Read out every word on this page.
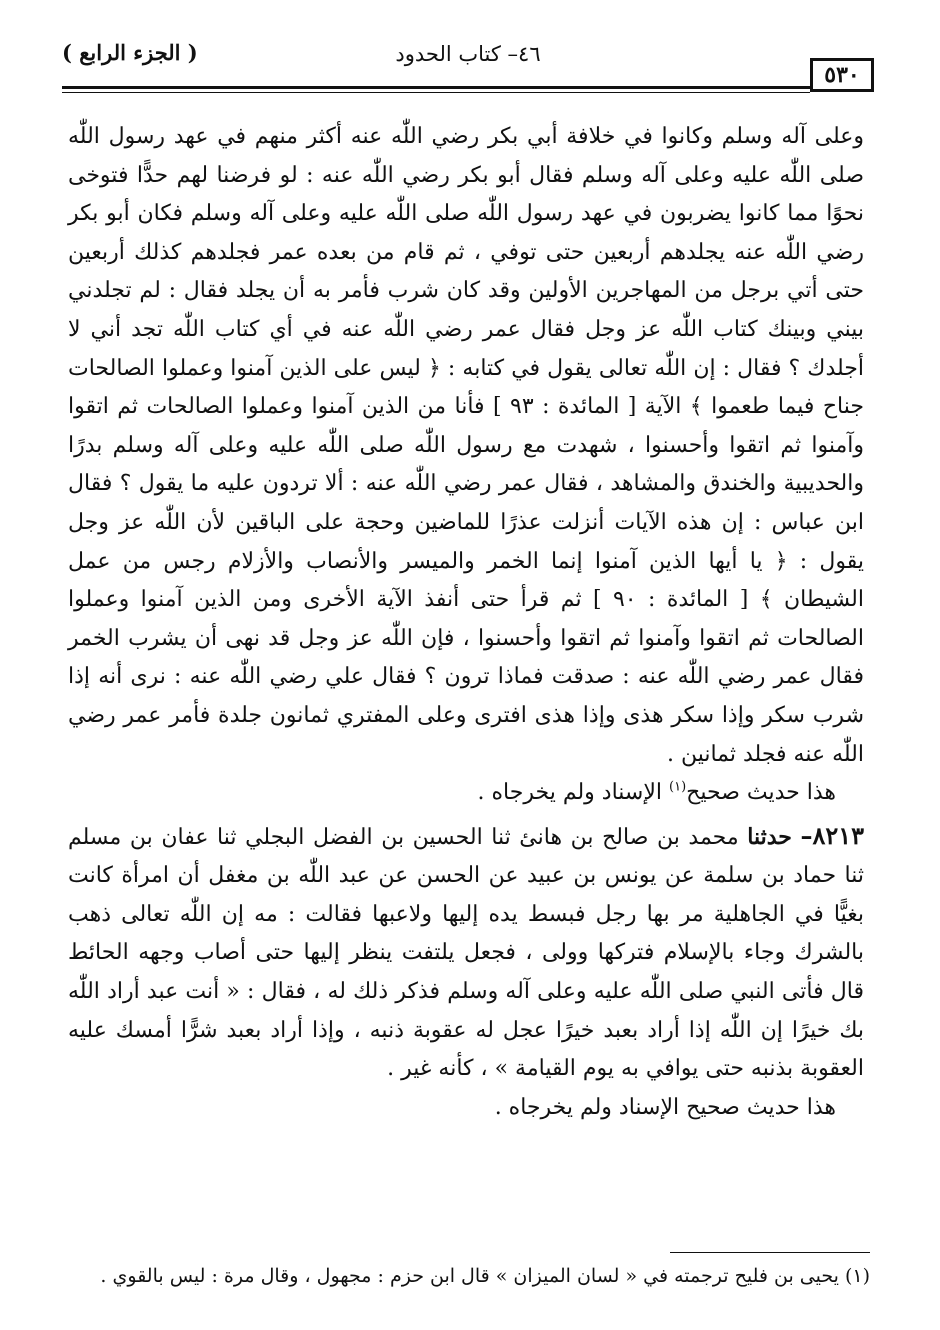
٥٣٠
٤٦– كتاب الحدود
( الجزء الرابع )

وعلى آله وسلم وكانوا في خلافة أبي بكر رضي اللّٰه عنه أكثر منهم في عهد رسول اللّٰه صلى اللّٰه عليه وعلى آله وسلم فقال أبو بكر رضي اللّٰه عنه : لو فرضنا لهم حدًّا فتوخى نحوًا مما كانوا يضربون في عهد رسول اللّٰه صلى اللّٰه عليه وعلى آله وسلم فكان أبو بكر رضي اللّٰه عنه يجلدهم أربعين حتى توفي ، ثم قام من بعده عمر فجلدهم كذلك أربعين حتى أتي برجل من المهاجرين الأولين وقد كان شرب فأمر به أن يجلد فقال : لم تجلدني بيني وبينك كتاب اللّٰه عز وجل فقال عمر رضي اللّٰه عنه في أي كتاب اللّٰه تجد أني لا أجلدك ؟ فقال : إن اللّٰه تعالى يقول في كتابه : ﴿ ليس على الذين آمنوا وعملوا الصالحات جناح فيما طعموا ﴾ الآية [ المائدة : ٩٣ ] فأنا من الذين آمنوا وعملوا الصالحات ثم اتقوا وآمنوا ثم اتقوا وأحسنوا ، شهدت مع رسول اللّٰه صلى اللّٰه عليه وعلى آله وسلم بدرًا والحديبية والخندق والمشاهد ، فقال عمر رضي اللّٰه عنه : ألا تردون عليه ما يقول ؟ فقال ابن عباس : إن هذه الآيات أنزلت عذرًا للماضين وحجة على الباقين لأن اللّٰه عز وجل يقول : ﴿ يا أيها الذين آمنوا إنما الخمر والميسر والأنصاب والأزلام رجس من عمل الشيطان ﴾ [ المائدة : ٩٠ ] ثم قرأ حتى أنفذ الآية الأخرى ومن الذين آمنوا وعملوا الصالحات ثم اتقوا وآمنوا ثم اتقوا وأحسنوا ، فإن اللّٰه عز وجل قد نهى أن يشرب الخمر فقال عمر رضي اللّٰه عنه : صدقت فماذا ترون ؟ فقال علي رضي اللّٰه عنه : نرى أنه إذا شرب سكر وإذا سكر هذى وإذا هذى افترى وعلى المفتري ثمانون جلدة فأمر عمر رضي اللّٰه عنه فجلد ثمانين .

هذا حديث صحيح$^{(١)}$ الإسناد ولم يخرجاه .

٨٢١٣– حدثنا محمد بن صالح بن هانئ ثنا الحسين بن الفضل البجلي ثنا عفان بن مسلم ثنا حماد بن سلمة عن يونس بن عبيد عن الحسن عن عبد اللّٰه بن مغفل أن امرأة كانت بغيًّا في الجاهلية مر بها رجل فبسط يده إليها ولاعبها فقالت : مه إن اللّٰه تعالى ذهب بالشرك وجاء بالإسلام فتركها وولى ، فجعل يلتفت ينظر إليها حتى أصاب وجهه الحائط قال فأتى النبي صلى اللّٰه عليه وعلى آله وسلم فذكر ذلك له ، فقال : « أنت عبد أراد اللّٰه بك خيرًا إن اللّٰه إذا أراد بعبد خيرًا عجل له عقوبة ذنبه ، وإذا أراد بعبد شرًّا أمسك عليه العقوبة بذنبه حتى يوافي به يوم القيامة » ، كأنه غير .

هذا حديث صحيح الإسناد ولم يخرجاه .

(١) يحيى بن فليح ترجمته في « لسان الميزان » قال ابن حزم : مجهول ، وقال مرة : ليس بالقوي .
